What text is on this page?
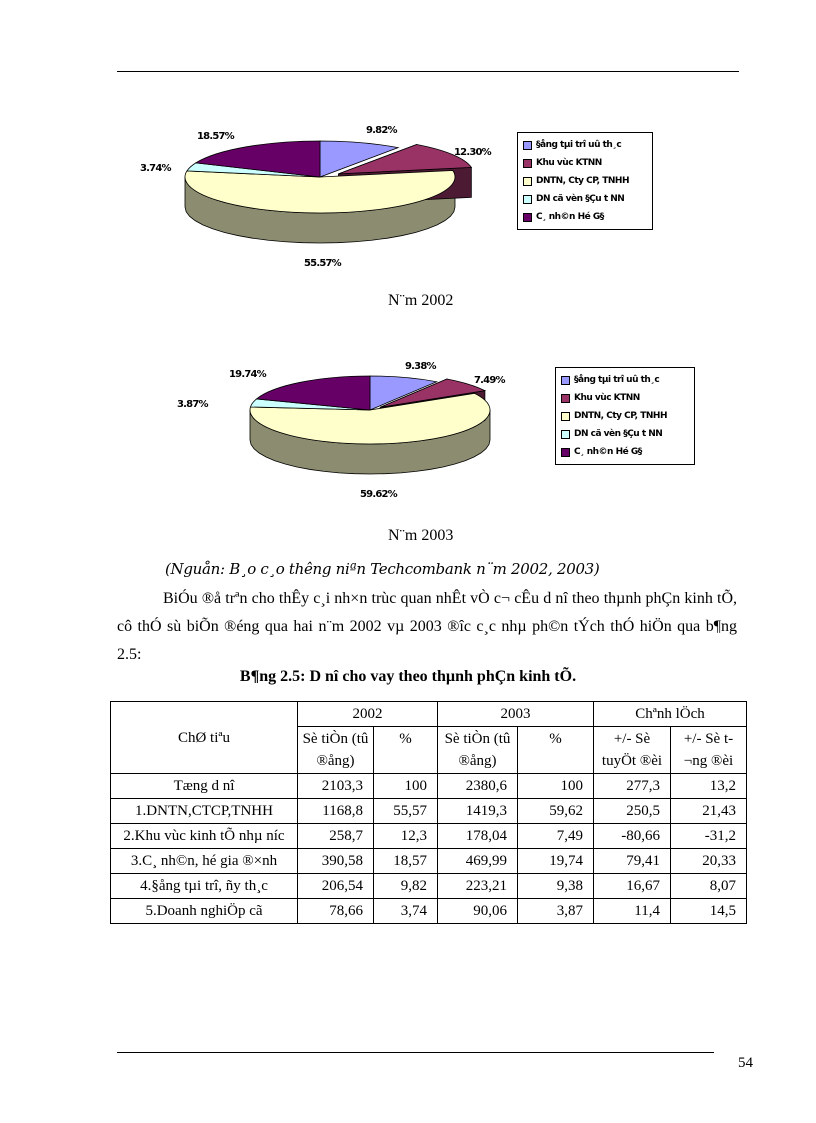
9.82%
12.30%
55.57%
3.74%
18.57%
§ång tµi trî uû th¸c
Khu vùc KTNN
DNTN, Cty CP, TNHH
DN cã vèn §Çu t NN
C¸ nh©n Hé G§
N¨m 2002
9.38%
7.49%
59.62%
3.87%
19.74%	§ång tµi trî uû th¸c
Khu vùc KTNN
DNTN, Cty CP, TNHH
DN cã vèn §Çu t NN
C¸ nh©n Hé G§
N¨m 2003
(Nguån: B¸o c¸o thêng niªn Techcombank n¨m 2002, 2003)
BiÓu ®å trªn cho thÊy c¸i nh×n trùc quan nhÊt vÒ c¬ cÊu d nî theo thµnh phÇn kinh tÕ, cô thÓ sù biÕn ®éng qua hai n¨m 2002 vµ 2003 ®îc c¸c nhµ ph©n tÝch thÓ hiÖn qua b¶ng 2.5:
B¶ng 2.5: D nî cho vay theo thµnh phÇn kinh tÕ.
ChØ tiªu	2002		2003		Chªnh lÖch	
	Sè tiÒn (tû ®ång)	%	Sè tiÒn (tû ®ång)	%	+/- Sè tuyÖt ®èi	+/- Sè t¬ng ®èi
Tæng d nî	2103,3	100	2380,6	100	277,3	13,2
1.DNTN,CTCP,TNHH	1168,8	55,57	1419,3	59,62	250,5	21,43
2.Khu vùc kinh tÕ nhµ níc	258,7	12,3	178,04	7,49	-80,66	-31,2
3.C¸ nh©n, hé gia ®×nh	390,58	18,57	469,99	19,74	79,41	20,33
4.§ång tµi trî, ñy th¸c	206,54	9,82	223,21	9,38	16,67	8,07
5.Doanh nghiÖp cã	78,66	3,74	90,06	3,87	11,4	14,5
54
